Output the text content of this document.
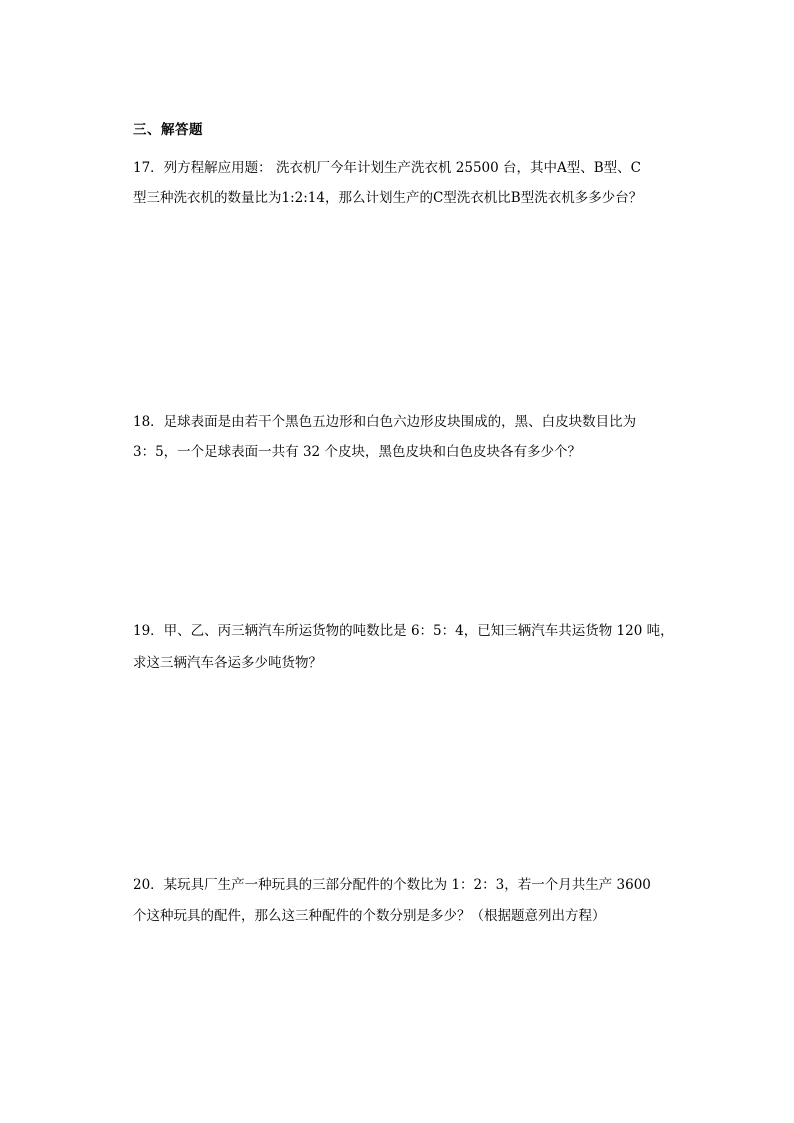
三、解答题
17．列方程解应用题： 洗衣机厂今年计划生产洗衣机 25500 台，其中A型、B型、C
型三种洗衣机的数量比为1:2:14，那么计划生产的C型洗衣机比B型洗衣机多多少台？
18．足球表面是由若干个黑色五边形和白色六边形皮块围成的，黑、白皮块数目比为
3：5，一个足球表面一共有 32 个皮块，黑色皮块和白色皮块各有多少个？
19．甲、乙、丙三辆汽车所运货物的吨数比是 6：5：4，已知三辆汽车共运货物 120 吨，
求这三辆汽车各运多少吨货物？
20．某玩具厂生产一种玩具的三部分配件的个数比为 1：2：3，若一个月共生产 3600
个这种玩具的配件，那么这三种配件的个数分别是多少？（根据题意列出方程）
